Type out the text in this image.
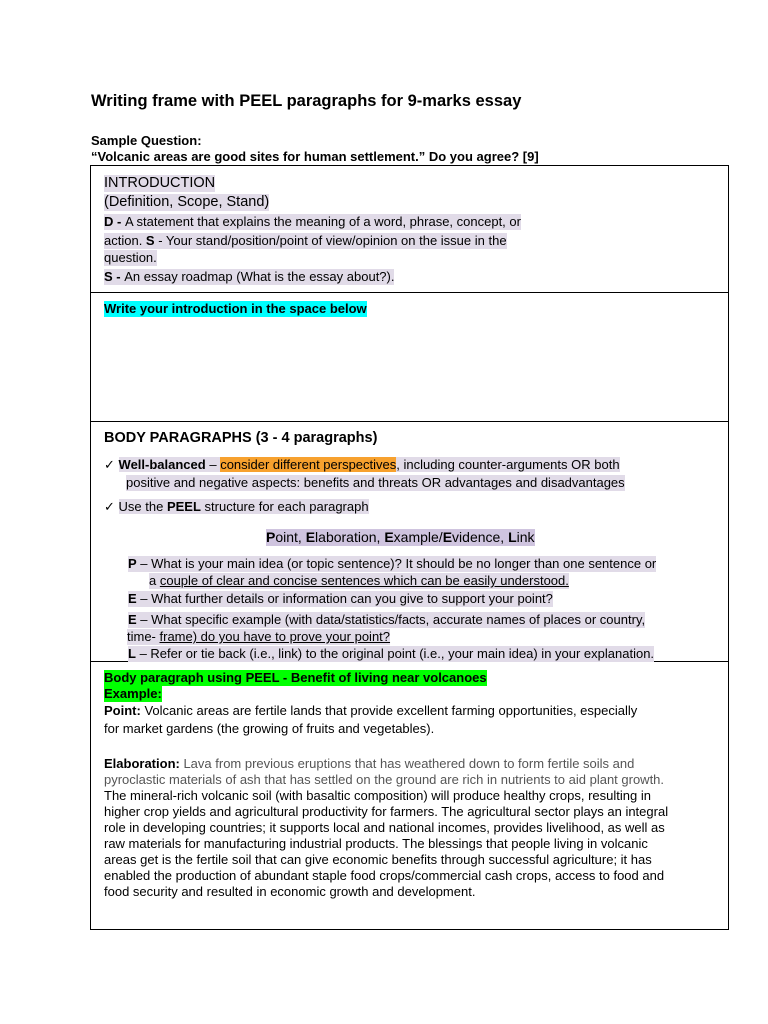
Writing frame with PEEL paragraphs for 9-marks essay
Sample Question:
“Volcanic areas are good sites for human settlement.” Do you agree? [9]
INTRODUCTION
(Definition, Scope, Stand)
D - A statement that explains the meaning of a word, phrase, concept, or
action. S - Your stand/position/point of view/opinion on the issue in the
question.
S - An essay roadmap (What is the essay about?).
Write your introduction in the space below
BODY PARAGRAPHS (3 - 4 paragraphs)
✓ Well-balanced – consider different perspectives, including counter-arguments OR both
positive and negative aspects: benefits and threats OR advantages and disadvantages
✓ Use the PEEL structure for each paragraph
Point, Elaboration, Example/Evidence, Link
P – What is your main idea (or topic sentence)? It should be no longer than one sentence or
a couple of clear and concise sentences which can be easily understood.
E – What further details or information can you give to support your point?
E – What specific example (with data/statistics/facts, accurate names of places or country,
time- frame) do you have to prove your point?
L – Refer or tie back (i.e., link) to the original point (i.e., your main idea) in your explanation.
Body paragraph using PEEL - Benefit of living near volcanoes
Example:
Point: Volcanic areas are fertile lands that provide excellent farming opportunities, especially
for market gardens (the growing of fruits and vegetables).
Elaboration: Lava from previous eruptions that has weathered down to form fertile soils and
pyroclastic materials of ash that has settled on the ground are rich in nutrients to aid plant growth.
The mineral-rich volcanic soil (with basaltic composition) will produce healthy crops, resulting in
higher crop yields and agricultural productivity for farmers. The agricultural sector plays an integral
role in developing countries; it supports local and national incomes, provides livelihood, as well as
raw materials for manufacturing industrial products. The blessings that people living in volcanic
areas get is the fertile soil that can give economic benefits through successful agriculture; it has
enabled the production of abundant staple food crops/commercial cash crops, access to food and
food security and resulted in economic growth and development.
